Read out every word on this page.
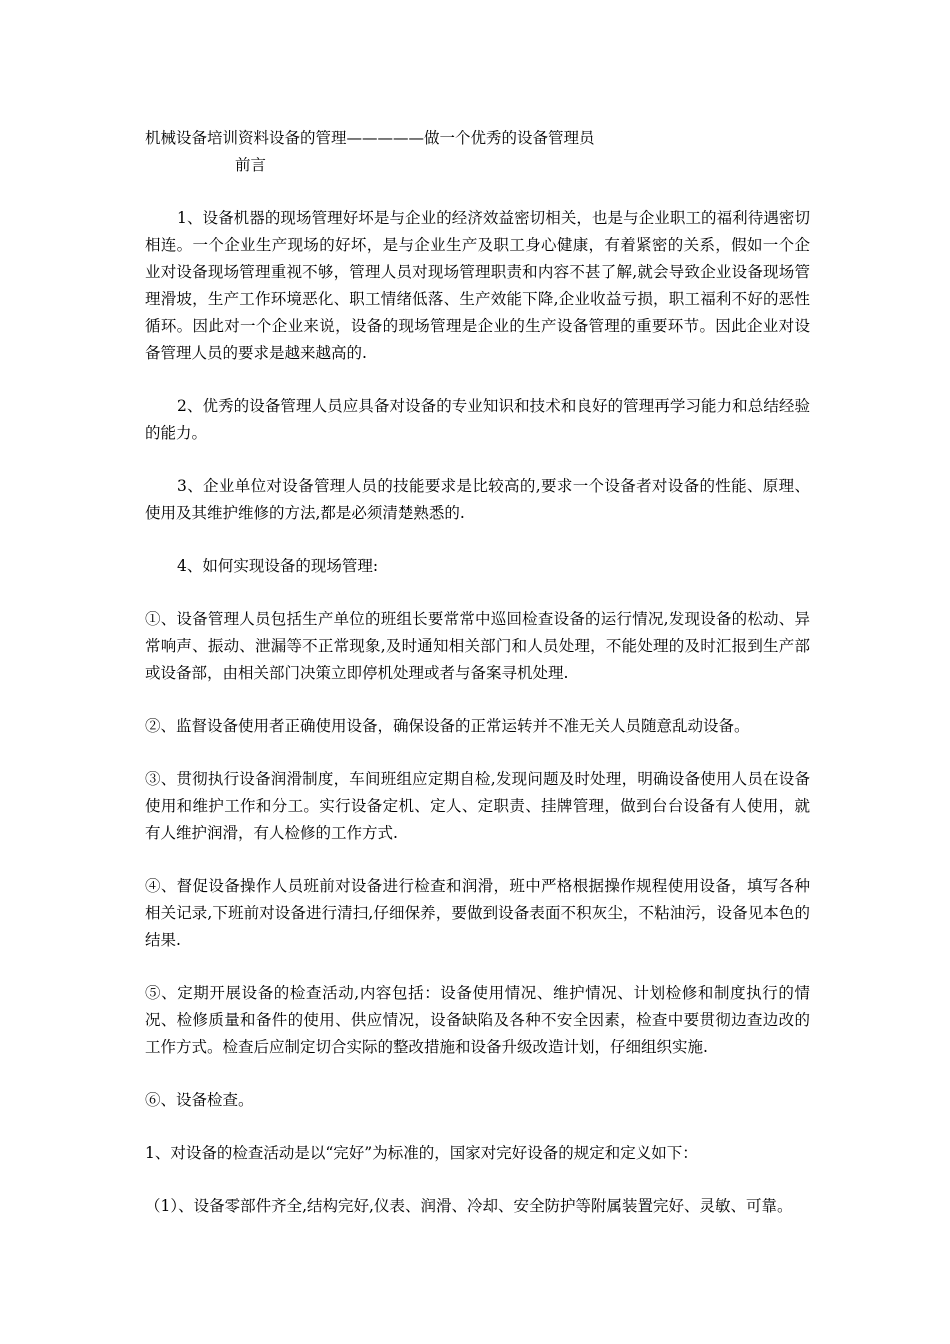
机械设备培训资料设备的管理—————做一个优秀的设备管理员
前言

1、设备机器的现场管理好坏是与企业的经济效益密切相关，也是与企业职工的福利待遇密切相连。一个企业生产现场的好坏，是与企业生产及职工身心健康，有着紧密的关系，假如一个企业对设备现场管理重视不够，管理人员对现场管理职责和内容不甚了解,就会导致企业设备现场管理滑坡，生产工作环境恶化、职工情绪低落、生产效能下降,企业收益亏损，职工福利不好的恶性循环。因此对一个企业来说，设备的现场管理是企业的生产设备管理的重要环节。因此企业对设备管理人员的要求是越来越高的.

2、优秀的设备管理人员应具备对设备的专业知识和技术和良好的管理再学习能力和总结经验的能力。

3、企业单位对设备管理人员的技能要求是比较高的,要求一个设备者对设备的性能、原理、使用及其维护维修的方法,都是必须清楚熟悉的.

4、如何实现设备的现场管理:

①、设备管理人员包括生产单位的班组长要常常中巡回检查设备的运行情况,发现设备的松动、异常响声、振动、泄漏等不正常现象,及时通知相关部门和人员处理，不能处理的及时汇报到生产部或设备部，由相关部门决策立即停机处理或者与备案寻机处理.

②、监督设备使用者正确使用设备，确保设备的正常运转并不准无关人员随意乱动设备。

③、贯彻执行设备润滑制度，车间班组应定期自检,发现问题及时处理，明确设备使用人员在设备使用和维护工作和分工。实行设备定机、定人、定职责、挂牌管理，做到台台设备有人使用，就有人维护润滑，有人检修的工作方式.

④、督促设备操作人员班前对设备进行检查和润滑，班中严格根据操作规程使用设备，填写各种相关记录,下班前对设备进行清扫,仔细保养，要做到设备表面不积灰尘，不粘油污，设备见本色的结果.

⑤、定期开展设备的检查活动,内容包括：设备使用情况、维护情况、计划检修和制度执行的情况、检修质量和备件的使用、供应情况，设备缺陷及各种不安全因素，检查中要贯彻边查边改的工作方式。检查后应制定切合实际的整改措施和设备升级改造计划，仔细组织实施.

⑥、设备检查。

1、对设备的检查活动是以“完好”为标准的，国家对完好设备的规定和定义如下：

（1）、设备零部件齐全,结构完好,仪表、润滑、冷却、安全防护等附属装置完好、灵敏、可靠。
